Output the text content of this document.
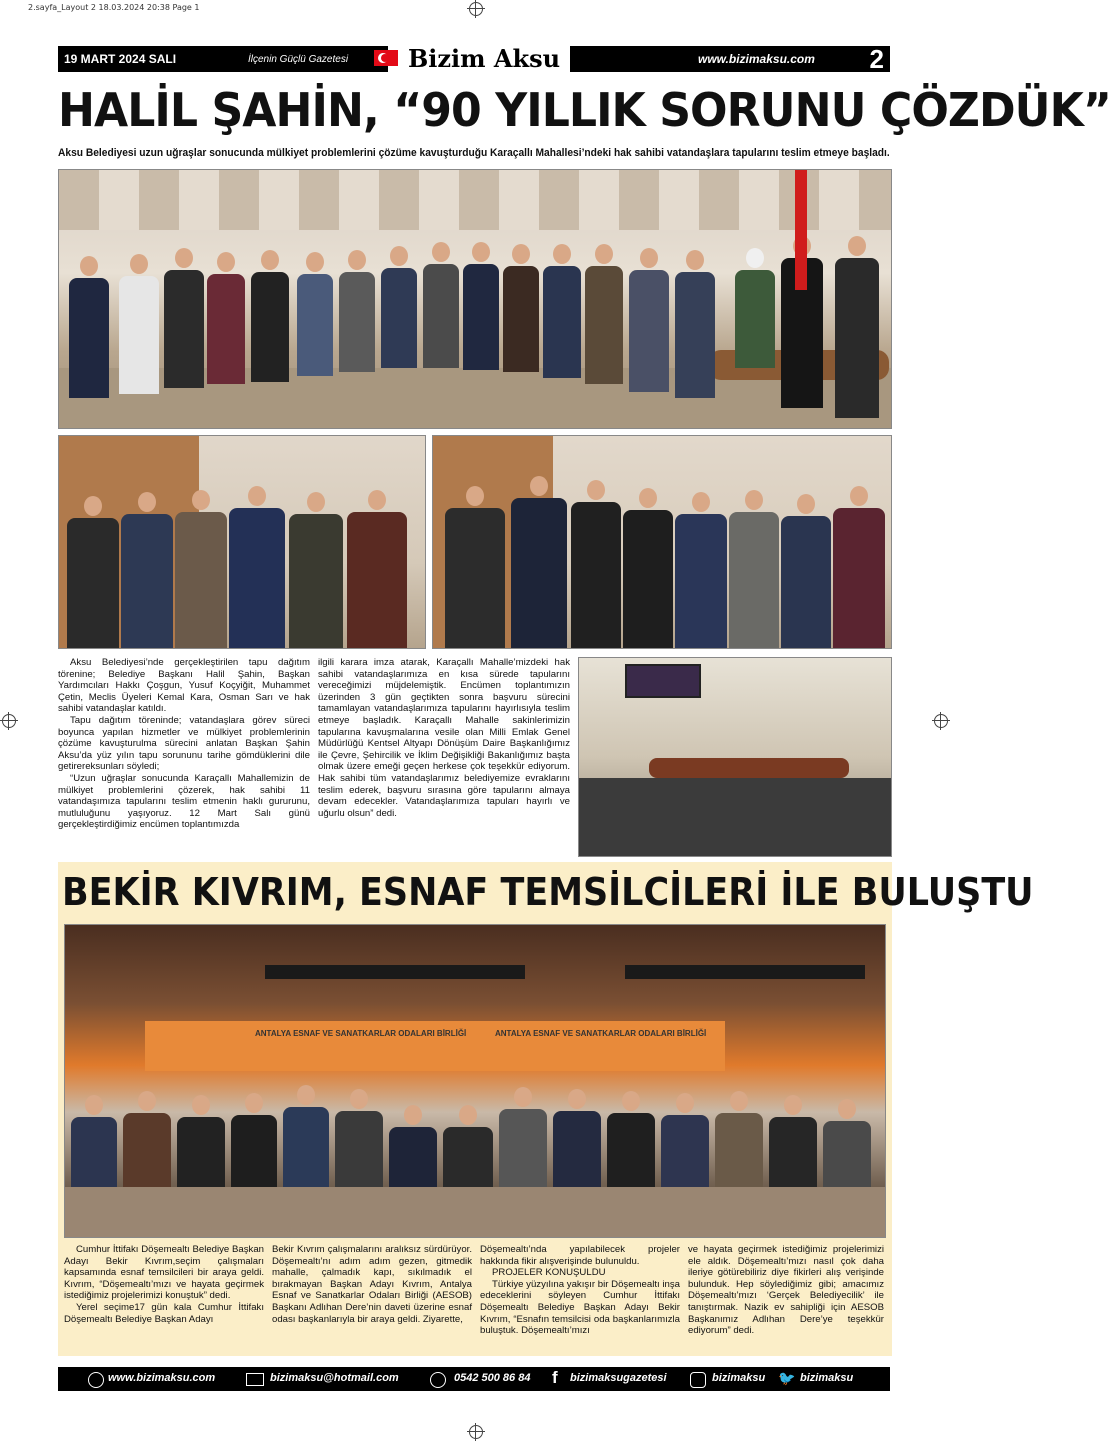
2.sayfa_Layout 2 18.03.2024 20:38 Page 1
19 MART 2024 SALI	İlçenin Güçlü Gazetesi	Bizim Aksu	www.bizimaksu.com 2
HALİL ŞAHİN, “90 YILLIK SORUNU ÇÖZDÜK”
Aksu Belediyesi uzun uğraşlar sonucunda mülkiyet problemlerini çözüme kavuşturduğu Karaçallı Mahallesi’ndeki hak sahibi vatandaşlara tapularını teslim etmeye başladı.

Aksu Belediyesi’nde gerçekleştirilen tapu dağıtım törenine; Belediye Başkanı Halil Şahin, Başkan Yardımcıları Hakkı Çoşgun, Yusuf Koçyiğit, Muhammet Çetin, Meclis Üyeleri Kemal Kara, Osman Sarı ve hak sahibi vatandaşlar katıldı.

Tapu dağıtım töreninde; vatandaşlara görev süreci boyunca yapılan hizmetler ve mülkiyet problemlerinin çözüme kavuşturulma sürecini anlatan Başkan Şahin Aksu’da yüz yılın tapu sorununu tarihe gömdüklerini dile getirereksunları söyledi;

“Uzun uğraşlar sonucunda Karaçallı Mahallemizin de mülkiyet problemlerini çözerek, hak sahibi 11 vatandaşımıza tapularını teslim etmenin haklı gururunu, mutluluğunu yaşıyoruz. 12 Mart Salı günü gerçekleştirdiğimiz encümen toplantımızda

ilgili karara imza atarak, Karaçallı Mahalle’mizdeki hak sahibi vatandaşlarımıza en kısa sürede tapularını vereceğimizi müjdelemiştik. Encümen toplantımızın üzerinden 3 gün geçtikten sonra başvuru sürecini tamamlayan vatandaşlarımıza tapularını hayırlısıyla teslim etmeye başladık. Karaçallı Mahalle sakinlerimizin tapularına kavuşmalarına vesile olan Milli Emlak Genel Müdürlüğü Kentsel Altyapı Dönüşüm Daire Başkanlığımız ile Çevre, Şehircilik ve İklim Değişikliği Bakanlığımız başta olmak üzere emeği geçen herkese çok teşekkür ediyorum. Hak sahibi tüm vatandaşlarımız belediyemize evraklarını teslim ederek, başvuru sırasına göre tapularını almaya devam edecekler. Vatandaşlarımıza tapuları hayırlı ve uğurlu olsun” dedi.

BEKİR KIVRIM, ESNAF TEMSİLCİLERİ İLE BULUŞTU
ANTALYA ESNAF VE SANATKARLAR ODALARI BİRLİĞİ	ANTALYA ESNAF VE SANATKARLAR ODALARI BİRLİĞİ

Cumhur İttifakı Döşemealtı Belediye Başkan Adayı Bekir Kıvrım,seçim çalışmaları kapsamında esnaf temsilcileri bir araya geldi. Kıvrım, “Döşemealtı’mızı ve hayata geçirmek istediğimiz projelerimizi konuştuk” dedi.

Yerel seçime17 gün kala Cumhur İttifakı Döşemealtı Belediye Başkan Adayı

Bekir Kıvrım çalışmalarını aralıksız sürdürüyor. Döşemealtı’nı adım adım gezen, gitmedik mahalle, çalmadık kapı, sıkılmadık el bırakmayan Başkan Adayı Kıvrım, Antalya Esnaf ve Sanatkarlar Odaları Birliği (AESOB) Başkanı Adlıhan Dere’nin daveti üzerine esnaf odası başkanlarıyla bir araya geldi. Ziyarette,

Döşemealtı’nda yapılabilecek projeler hakkında fikir alışverişinde bulunuldu.

PROJELER KONUŞULDU

Türkiye yüzyılına yakışır bir Döşemealtı inşa edeceklerini söyleyen Cumhur İttifakı Döşemealtı Belediye Başkan Adayı Bekir Kıvrım, “Esnafın temsilcisi oda başkanlarımızla buluştuk. Döşemealtı’mızı

ve hayata geçirmek istediğimiz projelerimizi ele aldık. Döşemealtı’mızı nasıl çok daha ileriye götürebiliriz diye fikirleri alış verişinde bulunduk. Hep söylediğimiz gibi; amacımız Döşemealtı’mızı ‘Gerçek Belediyecilik’ ile tanıştırmak. Nazik ev sahipliği için AESOB Başkanımız Adlıhan Dere’ye teşekkür ediyorum” dedi.

www.bizimaksu.com	bizimaksu@hotmail.com	0542 500 86 84 f bizimaksugazetesi	bizimaksu 🐦 bizimaksu
